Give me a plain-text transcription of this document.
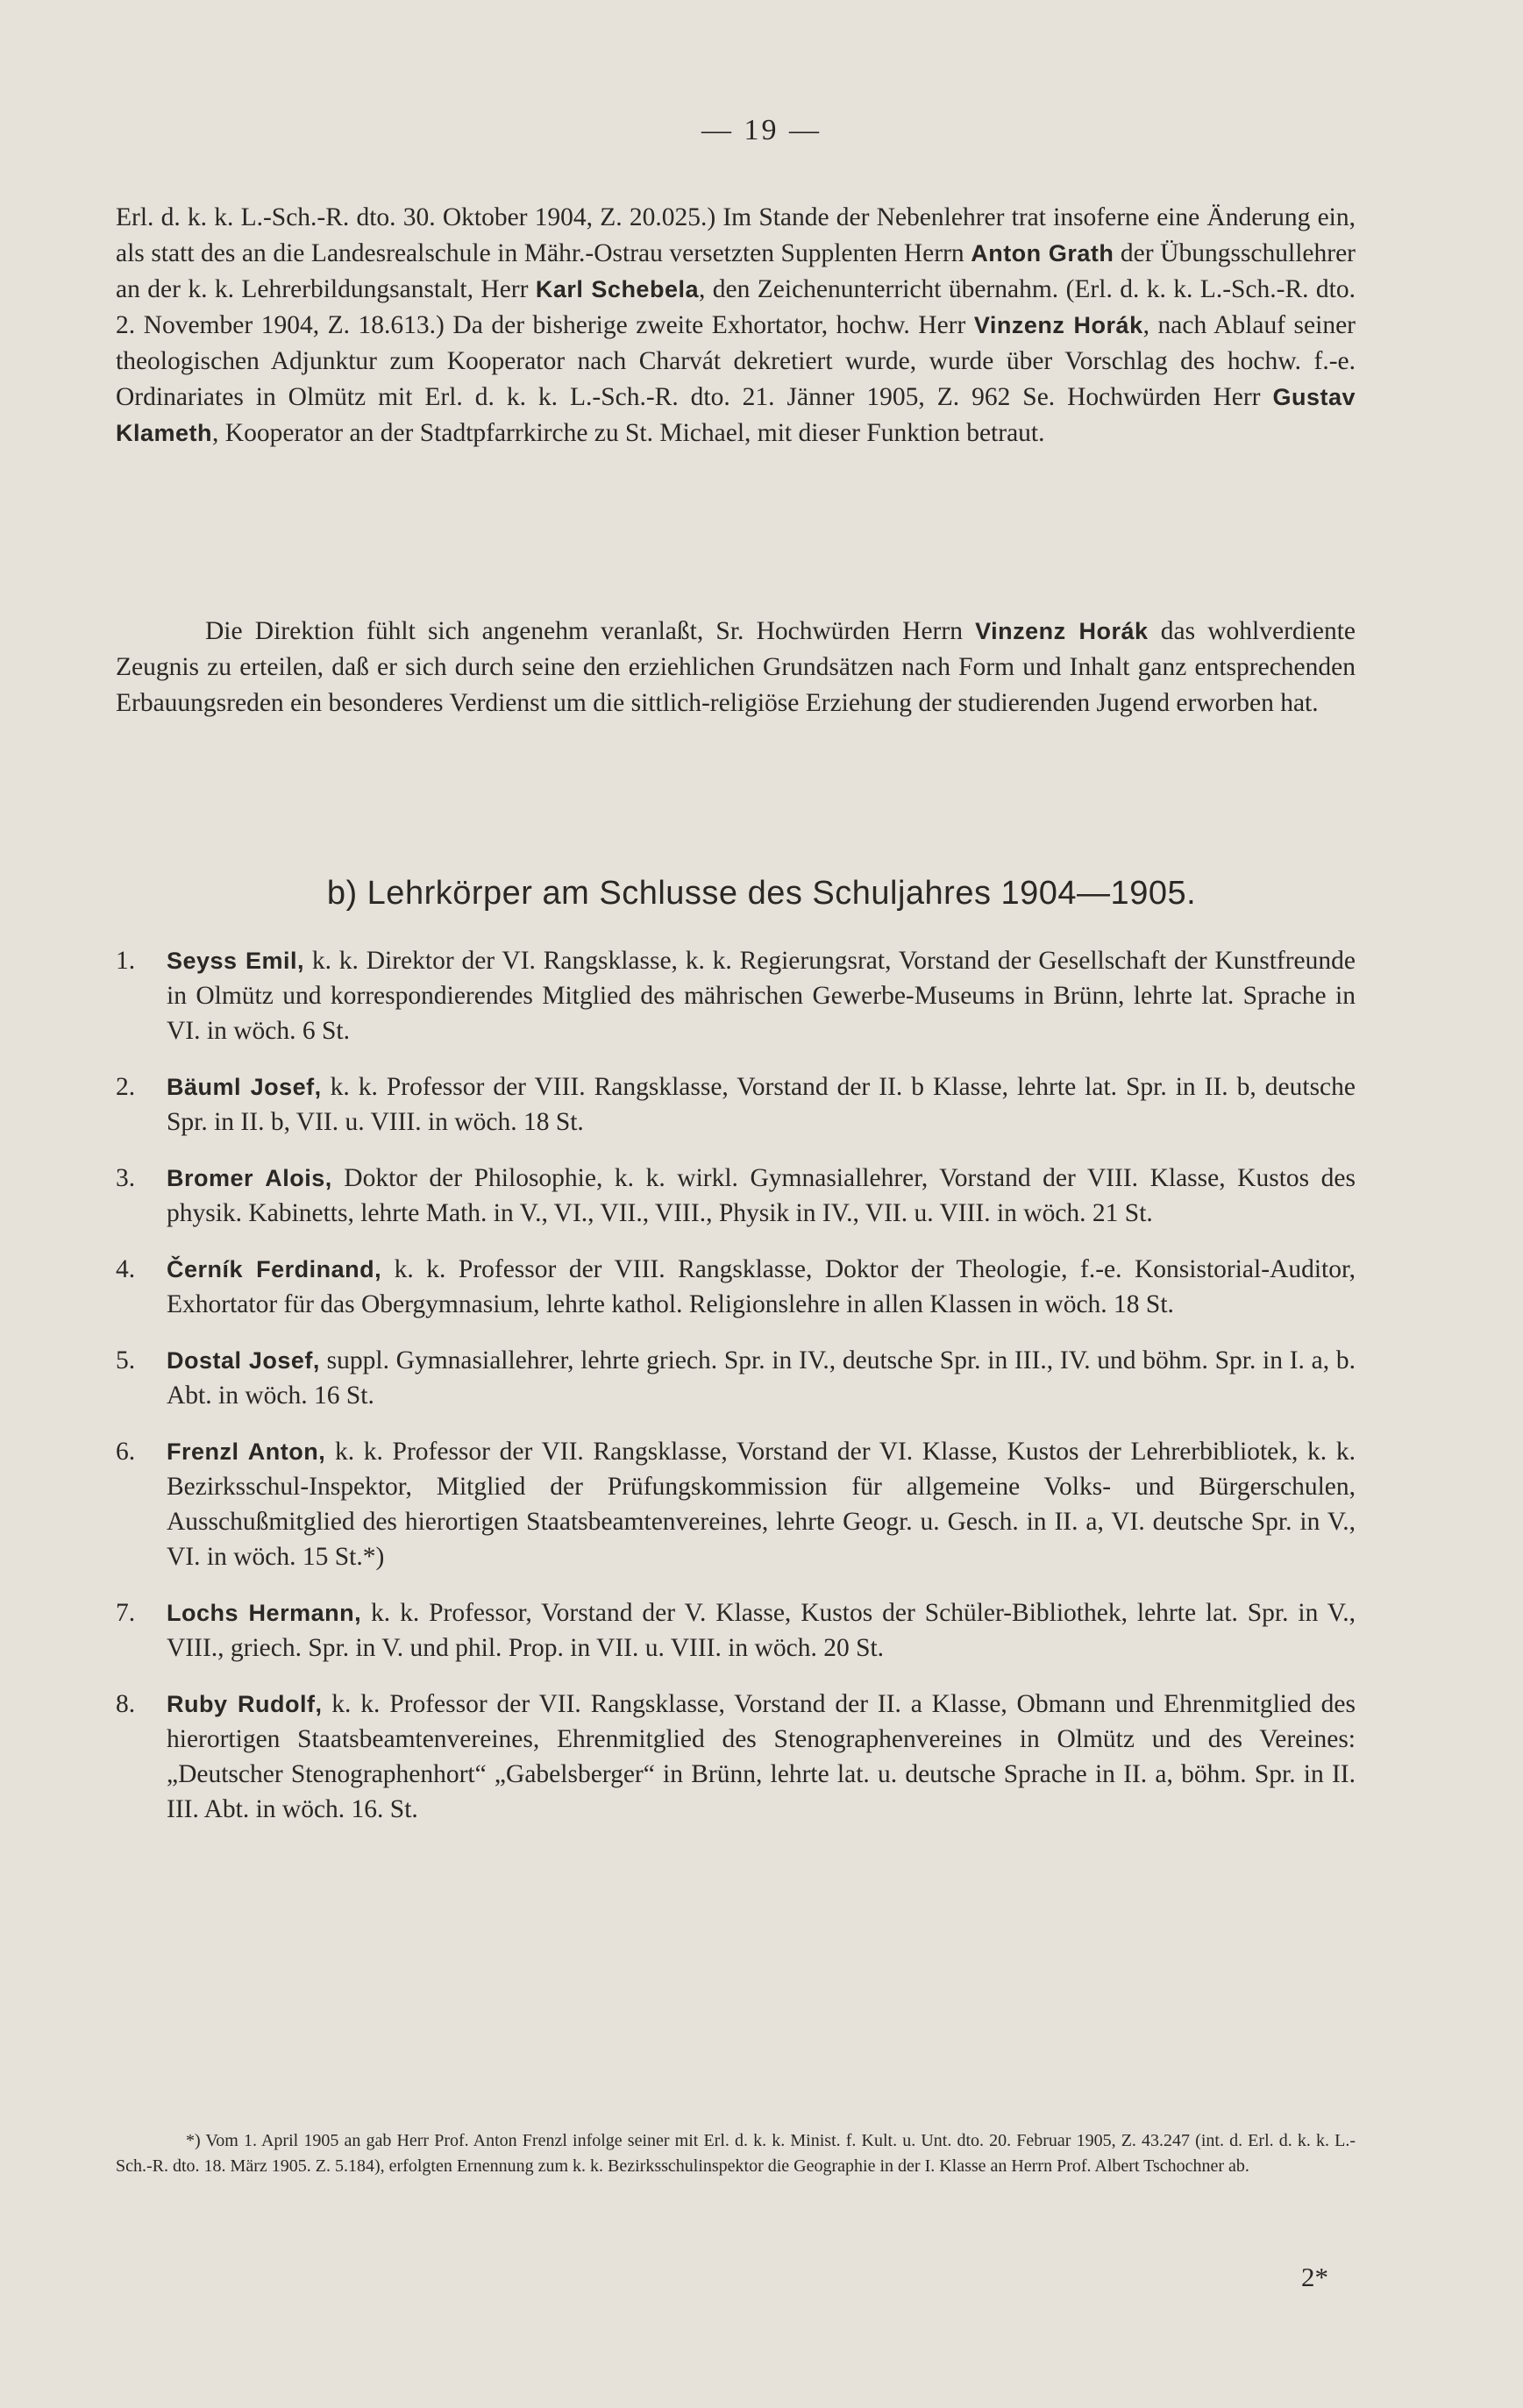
— 19 —

Erl. d. k. k. L.-Sch.-R. dto. 30. Oktober 1904, Z. 20.025.) Im Stande der Nebenlehrer trat insoferne eine Änderung ein, als statt des an die Landesrealschule in Mähr.-Ostrau versetzten Supplenten Herrn Anton Grath der Übungsschullehrer an der k. k. Lehrerbildungsanstalt, Herr Karl Schebela, den Zeichenunterricht übernahm. (Erl. d. k. k. L.-Sch.-R. dto. 2. November 1904, Z. 18.613.) Da der bisherige zweite Exhortator, hochw. Herr Vinzenz Horák, nach Ablauf seiner theologischen Adjunktur zum Kooperator nach Charvát dekretiert wurde, wurde über Vorschlag des hochw. f.-e. Ordinariates in Olmütz mit Erl. d. k. k. L.-Sch.-R. dto. 21. Jänner 1905, Z. 962 Se. Hochwürden Herr Gustav Klameth, Kooperator an der Stadtpfarrkirche zu St. Michael, mit dieser Funktion betraut.

Die Direktion fühlt sich angenehm veranlaßt, Sr. Hochwürden Herrn Vinzenz Horák das wohlverdiente Zeugnis zu erteilen, daß er sich durch seine den erziehlichen Grundsätzen nach Form und Inhalt ganz entsprechenden Erbauungsreden ein besonderes Verdienst um die sittlich-religiöse Erziehung der studierenden Jugend erworben hat.

b) Lehrkörper am Schlusse des Schuljahres 1904—1905.
1.	Seyss Emil, k. k. Direktor der VI. Rangsklasse, k. k. Regierungsrat, Vorstand der Gesellschaft der Kunstfreunde in Olmütz und korrespondierendes Mitglied des mährischen Gewerbe-Museums in Brünn, lehrte lat. Sprache in VI. in wöch. 6 St.
2.	Bäuml Josef, k. k. Professor der VIII. Rangsklasse, Vorstand der II. b Klasse, lehrte lat. Spr. in II. b, deutsche Spr. in II. b, VII. u. VIII. in wöch. 18 St.
3.	Bromer Alois, Doktor der Philosophie, k. k. wirkl. Gymnasiallehrer, Vorstand der VIII. Klasse, Kustos des physik. Kabinetts, lehrte Math. in V., VI., VII., VIII., Physik in IV., VII. u. VIII. in wöch. 21 St.
4.	Černík Ferdinand, k. k. Professor der VIII. Rangsklasse, Doktor der Theologie, f.-e. Konsistorial-Auditor, Exhortator für das Obergymnasium, lehrte kathol. Religionslehre in allen Klassen in wöch. 18 St.
5.	Dostal Josef, suppl. Gymnasiallehrer, lehrte griech. Spr. in IV., deutsche Spr. in III., IV. und böhm. Spr. in I. a, b. Abt. in wöch. 16 St.
6.	Frenzl Anton, k. k. Professor der VII. Rangsklasse, Vorstand der VI. Klasse, Kustos der Lehrerbibliotek, k. k. Bezirksschul-Inspektor, Mitglied der Prüfungskommission für allgemeine Volks- und Bürgerschulen, Ausschußmitglied des hierortigen Staatsbeamtenvereines, lehrte Geogr. u. Gesch. in II. a, VI. deutsche Spr. in V., VI. in wöch. 15 St.*)
7.	Lochs Hermann, k. k. Professor, Vorstand der V. Klasse, Kustos der Schüler-Bibliothek, lehrte lat. Spr. in V., VIII., griech. Spr. in V. und phil. Prop. in VII. u. VIII. in wöch. 20 St.
8.	Ruby Rudolf, k. k. Professor der VII. Rangsklasse, Vorstand der II. a Klasse, Obmann und Ehrenmitglied des hierortigen Staatsbeamtenvereines, Ehrenmitglied des Stenographenvereines in Olmütz und des Vereines: „Deutscher Stenographenhort“ „Gabelsberger“ in Brünn, lehrte lat. u. deutsche Sprache in II. a, böhm. Spr. in II. III. Abt. in wöch. 16. St.
*) Vom 1. April 1905 an gab Herr Prof. Anton Frenzl infolge seiner mit Erl. d. k. k. Minist. f. Kult. u. Unt. dto. 20. Februar 1905, Z. 43.247 (int. d. Erl. d. k. k. L.-Sch.-R. dto. 18. März 1905. Z. 5.184), erfolgten Ernennung zum k. k. Bezirksschulinspektor die Geographie in der I. Klasse an Herrn Prof. Albert Tschochner ab.
2*
